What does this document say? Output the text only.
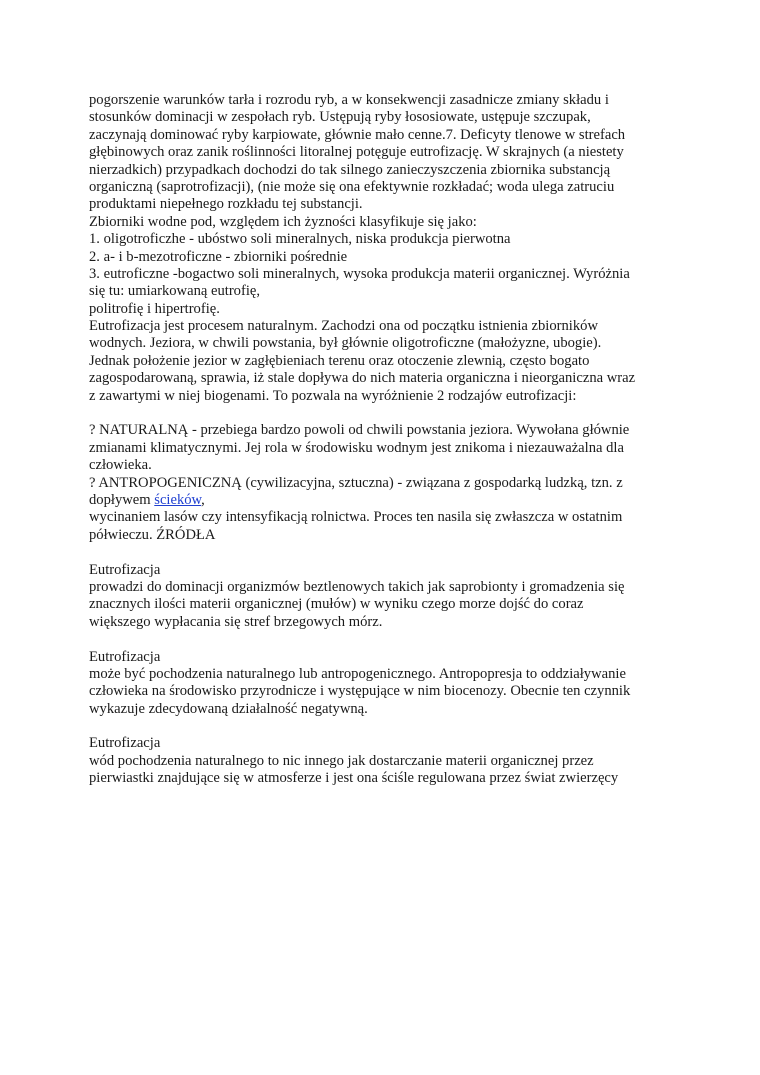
pogorszenie warunków tarła i rozrodu ryb, a w konsekwencji zasadnicze zmiany składu i
stosunków dominacji w zespołach ryb. Ustępują ryby łososiowate, ustępuje szczupak,
zaczynają dominować ryby karpiowate, głównie mało cenne.7. Deficyty tlenowe w strefach
głębinowych oraz zanik roślinności litoralnej potęguje eutrofizację. W skrajnych (a niestety
nierzadkich) przypadkach dochodzi do tak silnego zanieczyszczenia zbiornika substancją
organiczną (saprotrofizacji), (nie może się ona efektywnie rozkładać; woda ulega zatruciu
produktami niepełnego rozkładu tej substancji.
Zbiorniki wodne pod, względem ich żyzności klasyfikuje się jako:
1. oligotroficzhe - ubóstwo soli mineralnych, niska produkcja pierwotna
2. a- i b-mezotroficzne - zbiorniki pośrednie
3. eutroficzne -bogactwo soli mineralnych, wysoka produkcja materii organicznej. Wyróżnia
się tu: umiarkowaną eutrofię,
politrofię i hipertrofię.
Eutrofizacja jest procesem naturalnym. Zachodzi ona od początku istnienia zbiorników
wodnych. Jeziora, w chwili powstania, był głównie oligotroficzne (małożyzne, ubogie).
Jednak położenie jezior w zagłębieniach terenu oraz otoczenie zlewnią, często bogato
zagospodarowaną, sprawia, iż stale dopływa do nich materia organiczna i nieorganiczna wraz
z zawartymi w niej biogenami. To pozwala na wyróżnienie 2 rodzajów eutrofizacji:
? NATURALNĄ - przebiega bardzo powoli od chwili powstania jeziora. Wywołana głównie
zmianami klimatycznymi. Jej rola w środowisku wodnym jest znikoma i niezauważalna dla
człowieka.
? ANTROPOGENICZNĄ (cywilizacyjna, sztuczna) - związana z gospodarką ludzką, tzn. z
dopływem ścieków,
wycinaniem lasów czy intensyfikacją rolnictwa. Proces ten nasila się zwłaszcza w ostatnim
półwieczu. ŹRÓDŁA
Eutrofizacja
prowadzi do dominacji organizmów beztlenowych takich jak saprobionty i gromadzenia się
znacznych ilości materii organicznej (mułów) w wyniku czego morze dojść do coraz
większego wypłacania się stref brzegowych mórz.
Eutrofizacja
może być pochodzenia naturalnego lub antropogenicznego. Antropopresja to oddziaływanie
człowieka na środowisko przyrodnicze i występujące w nim biocenozy. Obecnie ten czynnik
wykazuje zdecydowaną działalność negatywną.
Eutrofizacja
wód pochodzenia naturalnego to nic innego jak dostarczanie materii organicznej przez
pierwiastki znajdujące się w atmosferze i jest ona ściśle regulowana przez świat zwierzęcy
